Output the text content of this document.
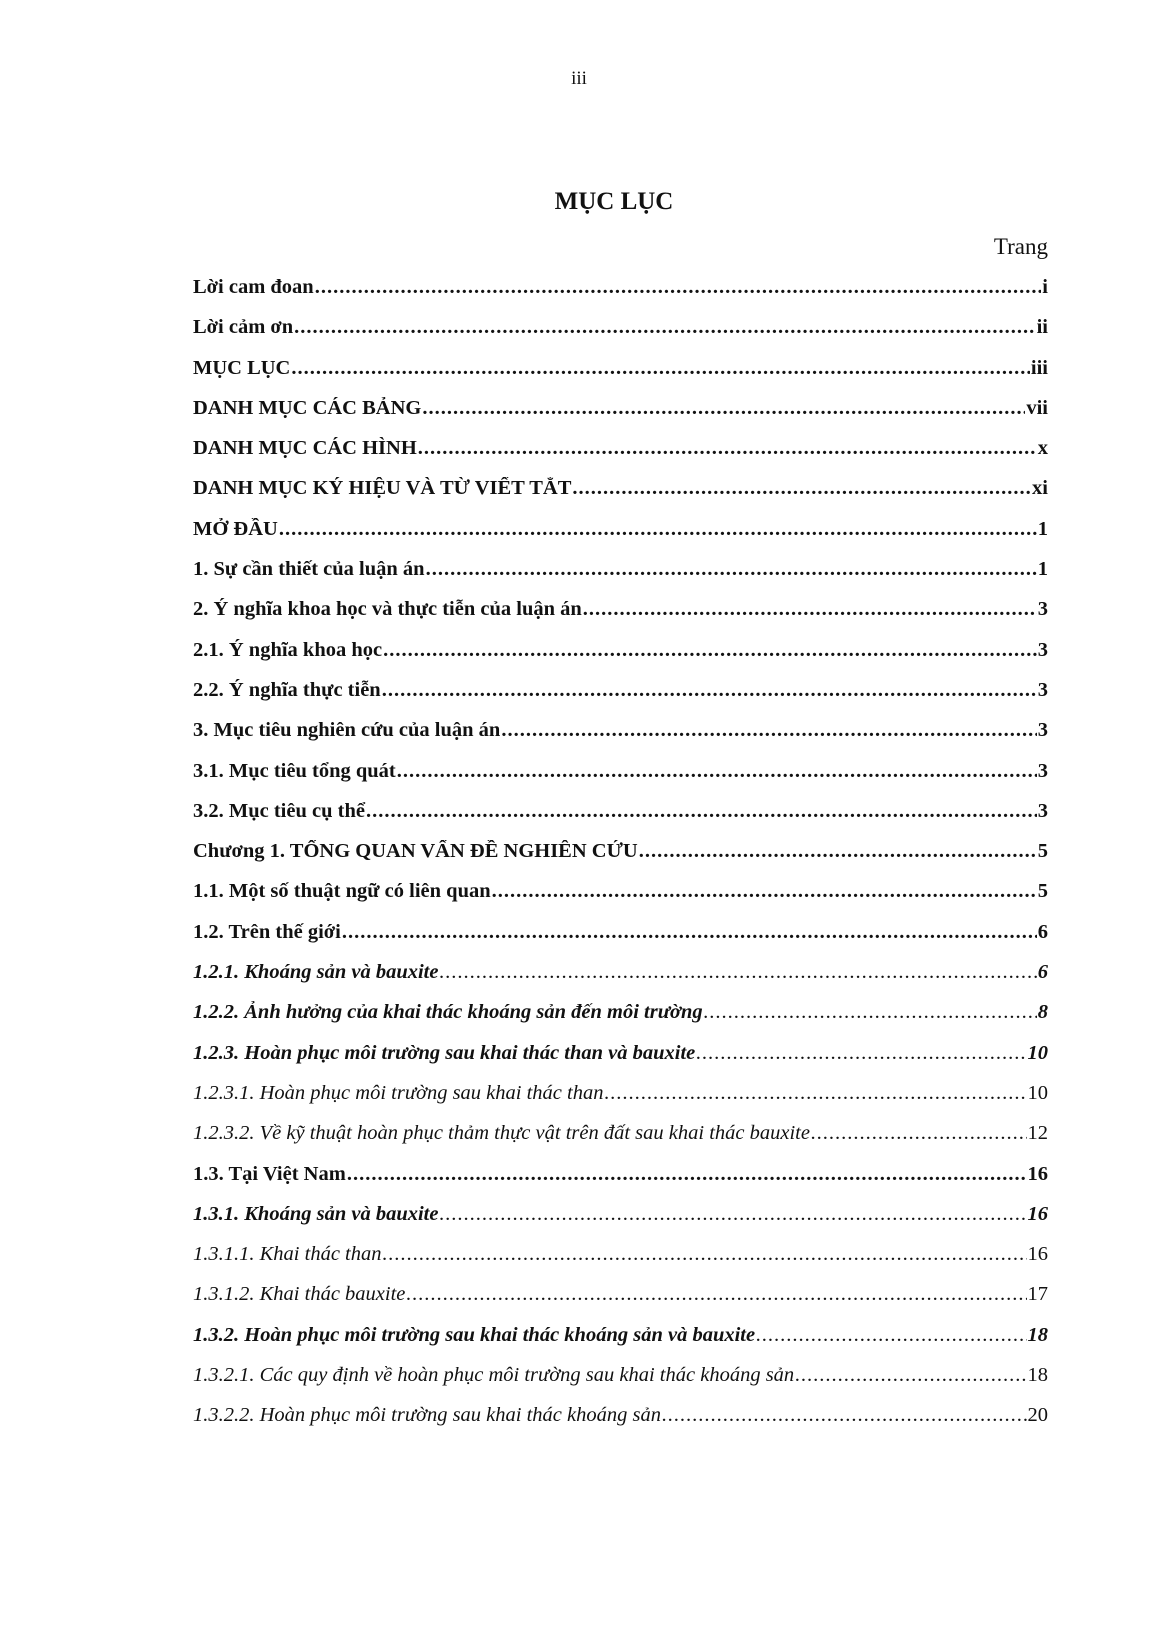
iii
MỤC LỤC
Trang
Lời cam đoan .....	i
Lời cảm ơn .....	ii
MỤC LỤC .....	iii
DANH MỤC CÁC BẢNG .....	vii
DANH MỤC CÁC HÌNH .....	x
DANH MỤC KÝ HIỆU VÀ TỪ VIẾT TẮT .....	xi
MỞ ĐẦU .....	1
1. Sự cần thiết của luận án .....	1
2. Ý nghĩa khoa học và thực tiễn của luận án .....	3
2.1. Ý nghĩa khoa học .....	3
2.2. Ý nghĩa thực tiễn .....	3
3. Mục tiêu nghiên cứu của luận án .....	3
3.1. Mục tiêu tổng quát .....	3
3.2. Mục tiêu cụ thể .....	3
Chương 1. TỔNG QUAN VẤN ĐỀ NGHIÊN CỨU .....	5
1.1. Một số thuật ngữ có liên quan .....	5
1.2. Trên thế giới .....	6
1.2.1. Khoáng sản và bauxite .....	6
1.2.2. Ảnh hưởng của khai thác khoáng sản đến môi trường .....	8
1.2.3. Hoàn phục môi trường sau khai thác than và bauxite .....	10
1.2.3.1. Hoàn phục môi trường sau khai thác than .....	10
1.2.3.2. Về kỹ thuật hoàn phục thảm thực vật trên đất sau khai thác bauxite .....	12
1.3. Tại Việt Nam .....	16
1.3.1. Khoáng sản và bauxite .....	16
1.3.1.1. Khai thác than .....	16
1.3.1.2. Khai thác bauxite .....	17
1.3.2. Hoàn phục môi trường sau khai thác khoáng sản và bauxite .....	18
1.3.2.1. Các quy định về hoàn phục môi trường sau khai thác khoáng sản .....	18
1.3.2.2. Hoàn phục môi trường sau khai thác khoáng sản .....	20
